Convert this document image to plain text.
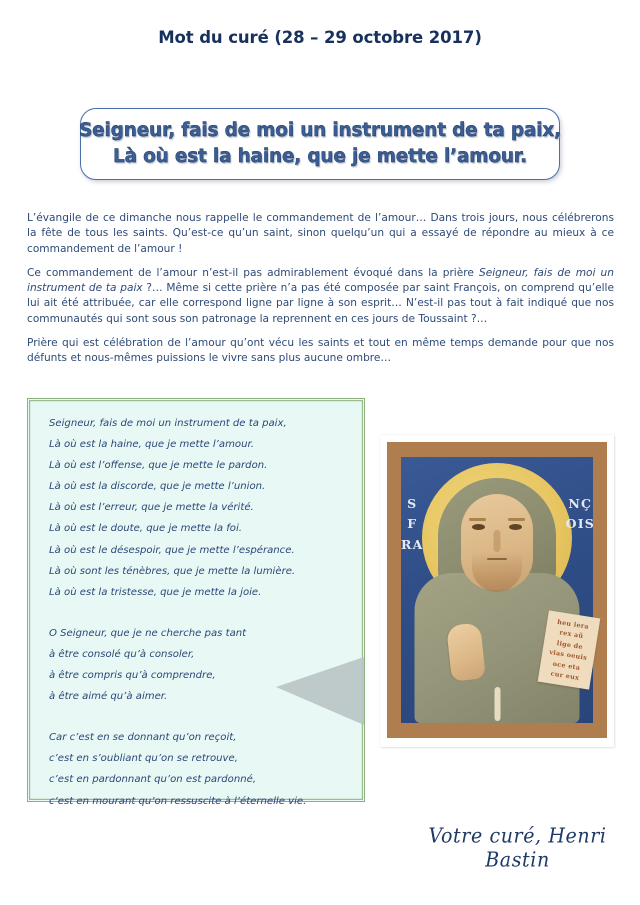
Mot du curé (28 – 29 octobre 2017)
Seigneur, fais de moi un instrument de ta paix,
Là où est la haine, que je mette l’amour.

L’évangile de ce dimanche nous rappelle le commandement de l’amour… Dans trois jours, nous célébrerons la fête de tous les saints. Qu’est-ce qu’un saint, sinon quelqu’un qui a essayé de répondre au mieux à ce commandement de l’amour !

Ce commandement de l’amour n’est-il pas admirablement évoqué dans la prière Seigneur, fais de moi un instrument de ta paix ?… Même si cette prière n’a pas été composée par saint François, on comprend qu’elle lui ait été attribuée, car elle correspond ligne par ligne à son esprit… N’est-il pas tout à fait indiqué que nos communautés qui sont sous son patronage la reprennent en ces jours de Toussaint ?…

Prière qui est célébration de l’amour qu’ont vécu les saints et tout en même temps demande pour que nos défunts et nous-mêmes puissions le vivre sans plus aucune ombre…

Seigneur, fais de moi un instrument de ta paix,
Là où est la haine, que je mette l’amour.
Là où est l’offense, que je mette le pardon.
Là où est la discorde, que je mette l’union.
Là où est l’erreur, que je mette la vérité.
Là où est le doute, que je mette la foi.
Là où est le désespoir, que je mette l’espérance.
Là où sont les ténèbres, que je mette la lumière.
Là où est la tristesse, que je mette la joie.
O Seigneur, que je ne cherche pas tant
à être consolé qu’à consoler,
à être compris qu’à comprendre,
à être aimé qu’à aimer.
Car c’est en se donnant qu’on reçoit,
c’est en s’oubliant qu’on se retrouve,
c’est en pardonnant qu’on est pardonné,
c’est en mourant qu’on ressuscite à l’éternelle vie.
heu iera
rex aũ
lige de
vias oeuis
oce eta
cur eux
S
F
RA
NÇ
OIS
Votre curé, Henri Bastin
